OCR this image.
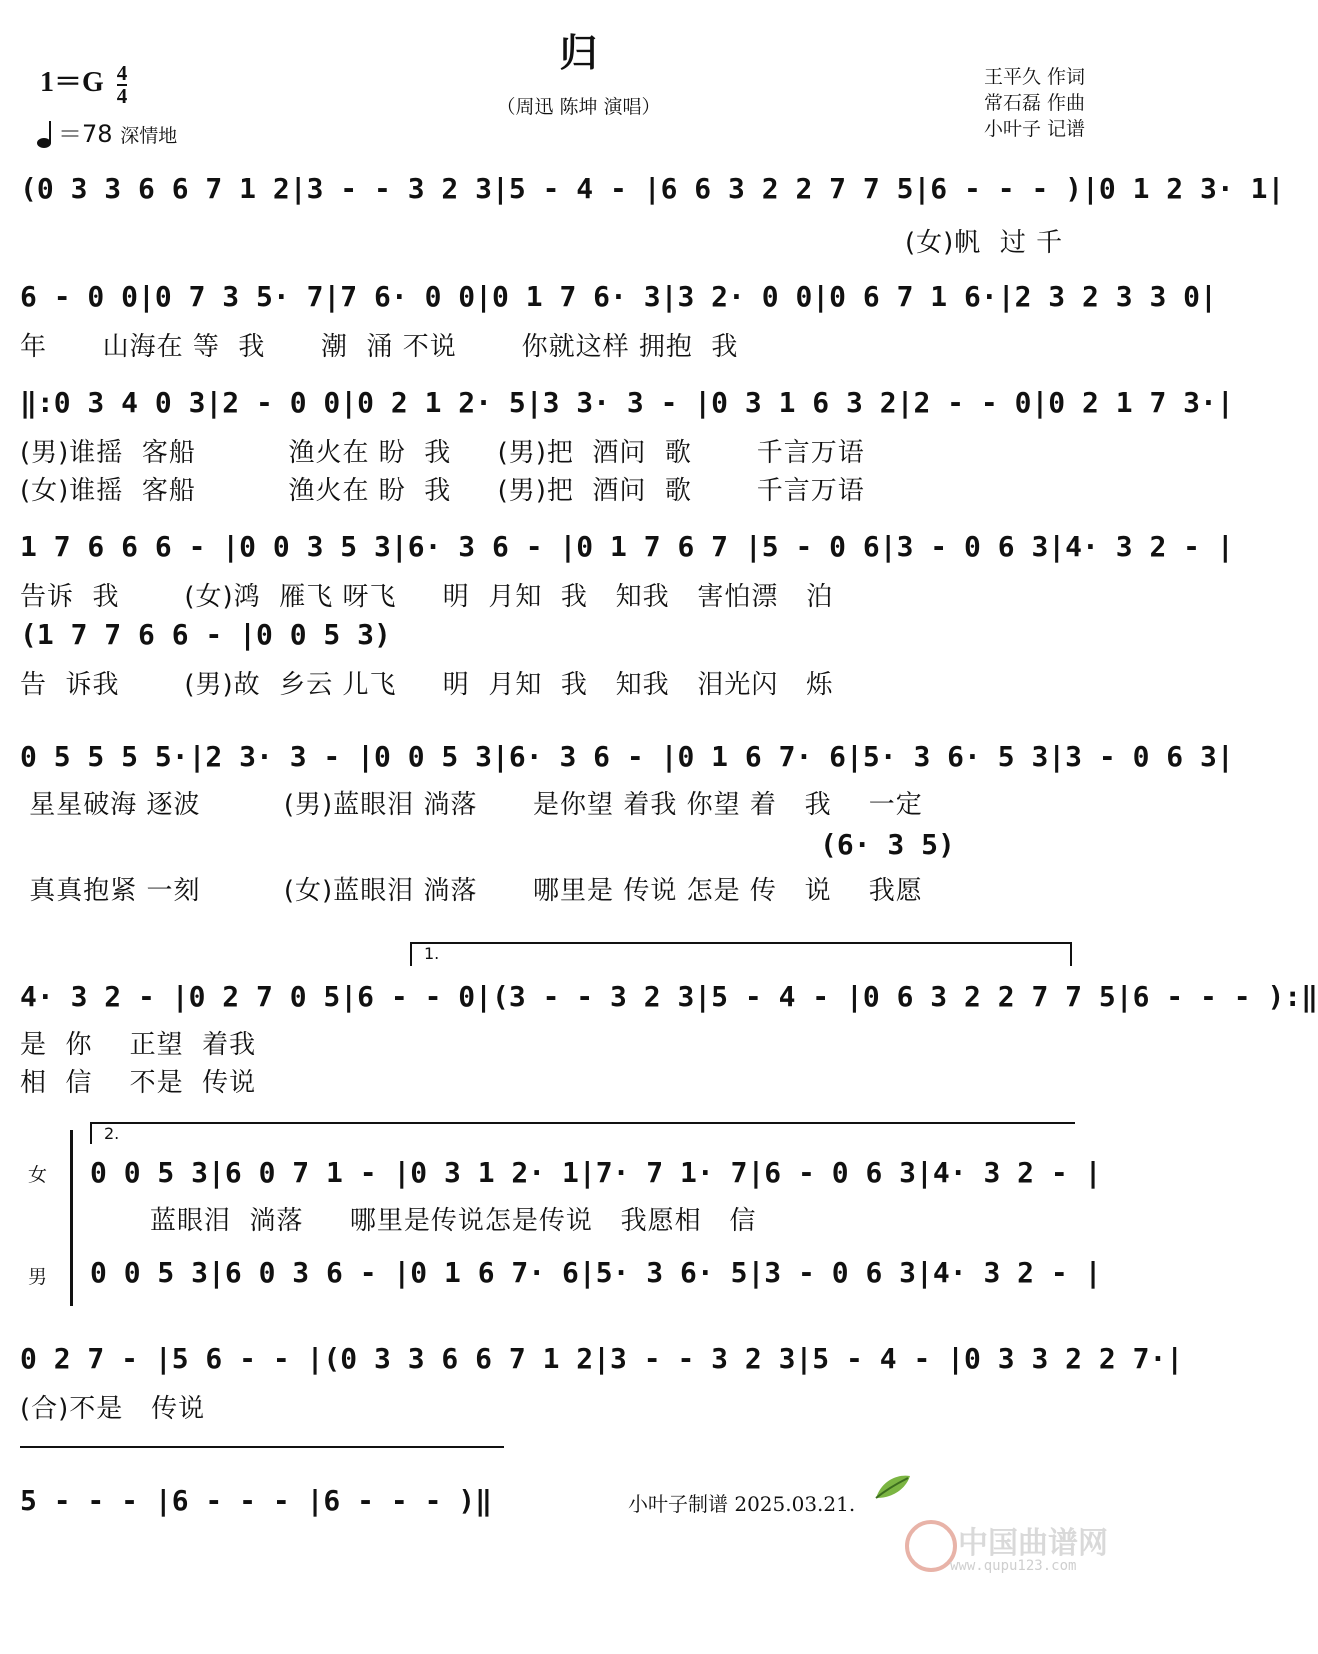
归
（周迅 陈坤 演唱）
王平久 作词
常石磊 作曲
小叶子 记谱
$1=G \frac{4}{4}$
＝78 深情地
(0 3 3 6 6 7 1 2|3 - - 3 2 3|5 - 4 - |6 6 3 2 2 7 7 5|6 - - - )|0 1 2 3· 1|
(女)帆  过 千
6 - 0 0|0 7 3 5· 7|7 6· 0 0|0 1 7 6· 3|3 2· 0 0|0 6 7 1 6·|2 3 2 3 3 0|
年      山海在 等  我      潮  涌 不说       你就这样 拥抱  我
‖:0 3 4 0 3|2 - 0 0|0 2 1 2· 5|3 3· 3 - |0 3 1 6 3 2|2 - - 0|0 2 1 7 3·|
(男)谁摇  客船          渔火在 盼  我     (男)把  酒问  歌       千言万语
(女)谁摇  客船          渔火在 盼  我     (男)把  酒问  歌       千言万语
1 7 6 6 6 - |0 0 3 5 3|6· 3 6 - |0 1 7 6 7 |5 - 0 6|3 - 0 6 3|4· 3 2 - |
告诉  我       (女)鸿  雁飞 呀飞     明  月知  我   知我   害怕漂   泊
(1 7 7 6 6 - |0 0 5 3)
告  诉我       (男)故  乡云 儿飞     明  月知  我   知我   泪光闪   烁
0 5 5 5 5·|2 3· 3 - |0 0 5 3|6· 3 6 - |0 1 6 7· 6|5· 3 6· 5 3|3 - 0 6 3|
星星破海 逐波         (男)蓝眼泪 淌落      是你望 着我 你望 着   我    一定
(6· 3 5)
真真抱紧 一刻         (女)蓝眼泪 淌落      哪里是 传说 怎是 传   说    我愿
1.
4· 3 2 - |0 2 7 0 5|6 - - 0|(3 - - 3 2 3|5 - 4 - |0 6 3 2 2 7 7 5|6 - - - ):‖
是  你    正望  着我
相  信    不是  传说
2.
女
男
0 0 5 3|6 0 7 1 - |0 3 1 2· 1|7· 7 1· 7|6 - 0 6 3|4· 3 2 - |
蓝眼泪  淌落     哪里是传说怎是传说   我愿相   信
0 0 5 3|6 0 3 6 - |0 1 6 7· 6|5· 3 6· 5|3 - 0 6 3|4· 3 2 - |
0 2 7 - |5 6 - - |(0 3 3 6 6 7 1 2|3 - - 3 2 3|5 - 4 - |0 3 3 2 2 7·|
(合)不是   传说
5 - - - |6 - - - |6 - - - )‖	小叶子制谱 2025.03.21.
中国曲谱网
www.qupu123.com
